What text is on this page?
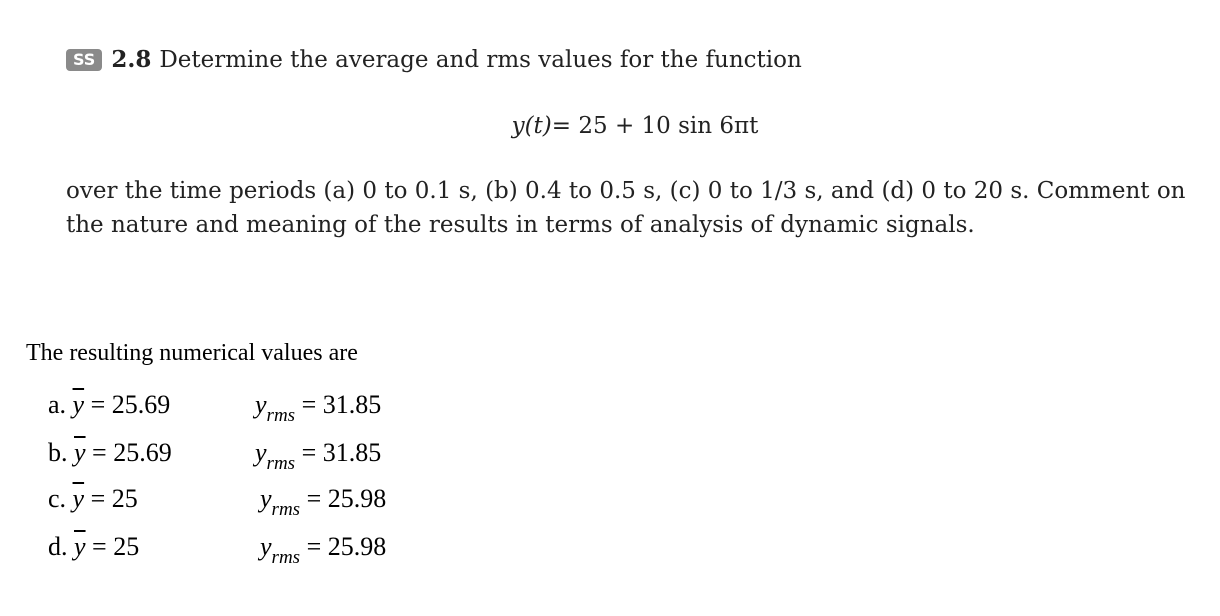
SS 2.8 Determine the average and rms values for the function
y(t)= 25 + 10 sin 6πt
over the time periods (a) 0 to 0.1 s, (b) 0.4 to 0.5 s, (c) 0 to 1/3 s, and (d) 0 to 20 s. Comment on the nature and meaning of the results in terms of analysis of dynamic signals.
The resulting numerical values are
a. $\overline{y} = 25.69$	$y_{rms} = 31.85$
b. $\overline{y} = 25.69$	$y_{rms} = 31.85$
c. $\overline{y} = 25$	$y_{rms} = 25.98$
d. $\overline{y} = 25$	$y_{rms} = 25.98$
